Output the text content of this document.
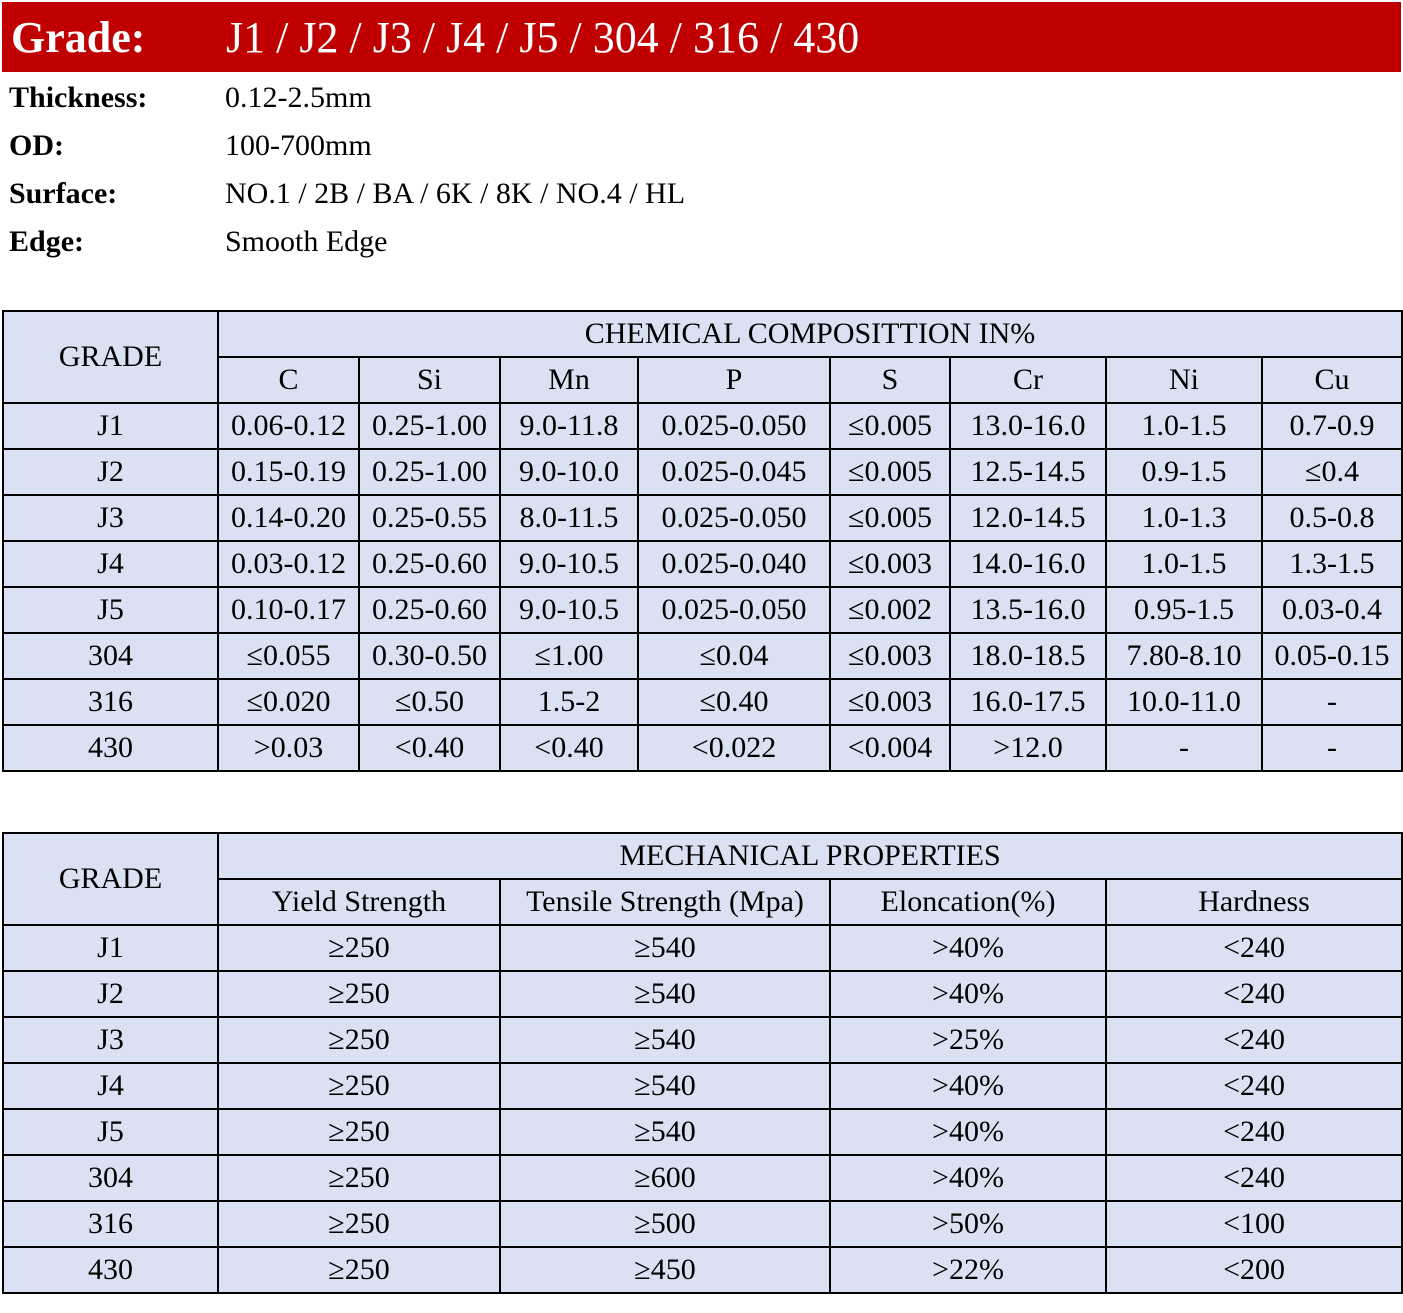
Grade: J1 / J2 / J3 / J4 / J5 / 304 / 316 / 430
Thickness:	0.12-2.5mm
OD:	100-700mm
Surface:	NO.1 / 2B / BA / 6K / 8K / NO.4 / HL
Edge:	Smooth Edge
GRADE	CHEMICAL COMPOSITTION IN%							
	C	Si	Mn	P	S	Cr	Ni	Cu
J1	0.06-0.12	0.25-1.00	9.0-11.8	0.025-0.050	≤0.005	13.0-16.0	1.0-1.5	0.7-0.9
J2	0.15-0.19	0.25-1.00	9.0-10.0	0.025-0.045	≤0.005	12.5-14.5	0.9-1.5	≤0.4
J3	0.14-0.20	0.25-0.55	8.0-11.5	0.025-0.050	≤0.005	12.0-14.5	1.0-1.3	0.5-0.8
J4	0.03-0.12	0.25-0.60	9.0-10.5	0.025-0.040	≤0.003	14.0-16.0	1.0-1.5	1.3-1.5
J5	0.10-0.17	0.25-0.60	9.0-10.5	0.025-0.050	≤0.002	13.5-16.0	0.95-1.5	0.03-0.4
304	≤0.055	0.30-0.50	≤1.00	≤0.04	≤0.003	18.0-18.5	7.80-8.10	0.05-0.15
316	≤0.020	≤0.50	1.5-2	≤0.40	≤0.003	16.0-17.5	10.0-11.0	-
430	>0.03	<0.40	<0.40	<0.022	<0.004	>12.0	-	-
GRADE	MECHANICAL PROPERTIES			
	Yield Strength	Tensile Strength (Mpa)	Eloncation(%)	Hardness
J1	≥250	≥540	>40%	<240
J2	≥250	≥540	>40%	<240
J3	≥250	≥540	>25%	<240
J4	≥250	≥540	>40%	<240
J5	≥250	≥540	>40%	<240
304	≥250	≥600	>40%	<240
316	≥250	≥500	>50%	<100
430	≥250	≥450	>22%	<200
